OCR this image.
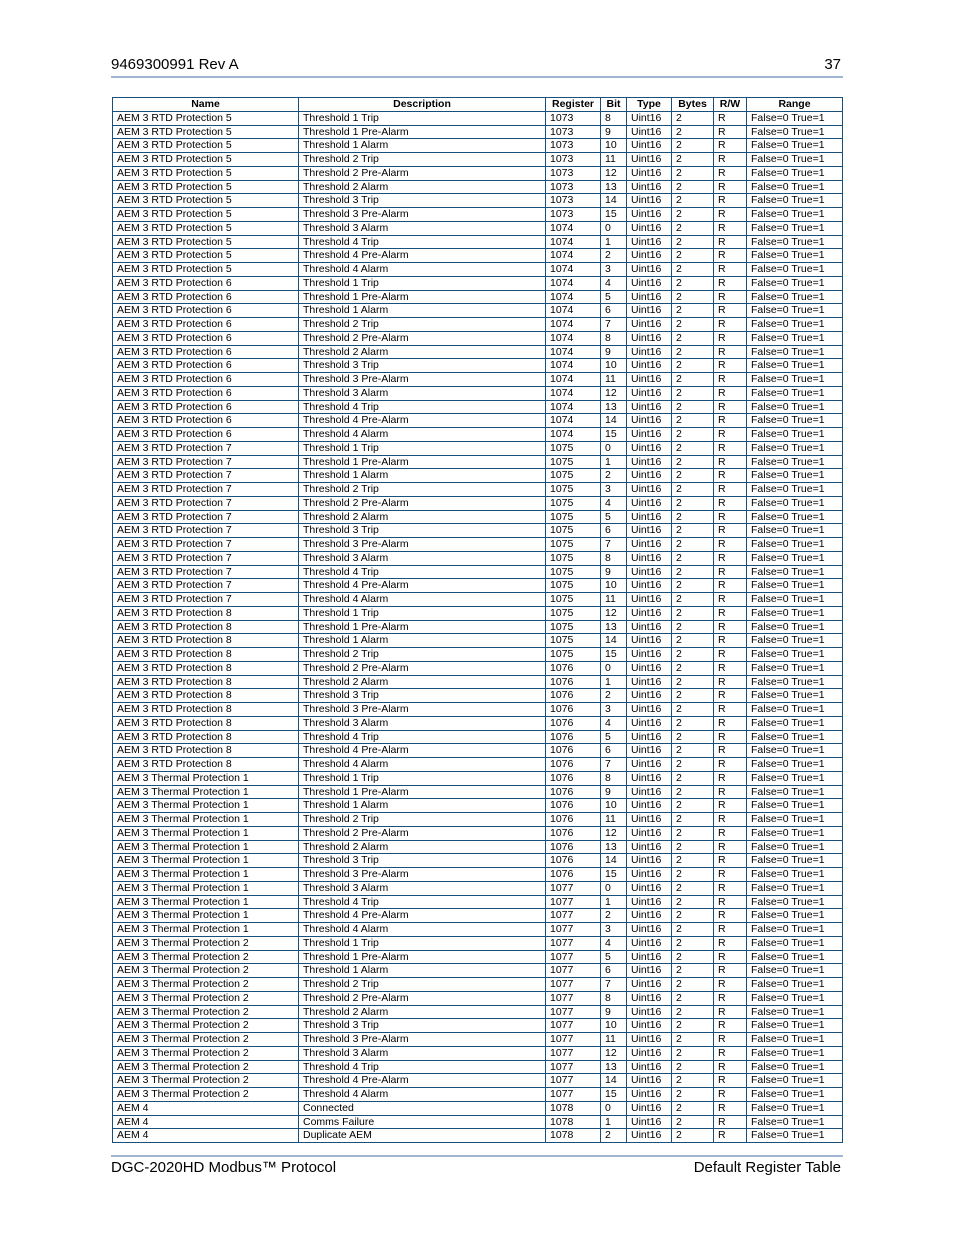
9469300991 Rev A	37
Name	Description	Register	Bit	Type	Bytes	R/W	Range
AEM 3 RTD Protection 5	Threshold 1 Trip	1073	8	Uint16	2	R	False=0 True=1
AEM 3 RTD Protection 5	Threshold 1 Pre-Alarm	1073	9	Uint16	2	R	False=0 True=1
AEM 3 RTD Protection 5	Threshold 1 Alarm	1073	10	Uint16	2	R	False=0 True=1
AEM 3 RTD Protection 5	Threshold 2 Trip	1073	11	Uint16	2	R	False=0 True=1
AEM 3 RTD Protection 5	Threshold 2 Pre-Alarm	1073	12	Uint16	2	R	False=0 True=1
AEM 3 RTD Protection 5	Threshold 2 Alarm	1073	13	Uint16	2	R	False=0 True=1
AEM 3 RTD Protection 5	Threshold 3 Trip	1073	14	Uint16	2	R	False=0 True=1
AEM 3 RTD Protection 5	Threshold 3 Pre-Alarm	1073	15	Uint16	2	R	False=0 True=1
AEM 3 RTD Protection 5	Threshold 3 Alarm	1074	0	Uint16	2	R	False=0 True=1
AEM 3 RTD Protection 5	Threshold 4 Trip	1074	1	Uint16	2	R	False=0 True=1
AEM 3 RTD Protection 5	Threshold 4 Pre-Alarm	1074	2	Uint16	2	R	False=0 True=1
AEM 3 RTD Protection 5	Threshold 4 Alarm	1074	3	Uint16	2	R	False=0 True=1
AEM 3 RTD Protection 6	Threshold 1 Trip	1074	4	Uint16	2	R	False=0 True=1
AEM 3 RTD Protection 6	Threshold 1 Pre-Alarm	1074	5	Uint16	2	R	False=0 True=1
AEM 3 RTD Protection 6	Threshold 1 Alarm	1074	6	Uint16	2	R	False=0 True=1
AEM 3 RTD Protection 6	Threshold 2 Trip	1074	7	Uint16	2	R	False=0 True=1
AEM 3 RTD Protection 6	Threshold 2 Pre-Alarm	1074	8	Uint16	2	R	False=0 True=1
AEM 3 RTD Protection 6	Threshold 2 Alarm	1074	9	Uint16	2	R	False=0 True=1
AEM 3 RTD Protection 6	Threshold 3 Trip	1074	10	Uint16	2	R	False=0 True=1
AEM 3 RTD Protection 6	Threshold 3 Pre-Alarm	1074	11	Uint16	2	R	False=0 True=1
AEM 3 RTD Protection 6	Threshold 3 Alarm	1074	12	Uint16	2	R	False=0 True=1
AEM 3 RTD Protection 6	Threshold 4 Trip	1074	13	Uint16	2	R	False=0 True=1
AEM 3 RTD Protection 6	Threshold 4 Pre-Alarm	1074	14	Uint16	2	R	False=0 True=1
AEM 3 RTD Protection 6	Threshold 4 Alarm	1074	15	Uint16	2	R	False=0 True=1
AEM 3 RTD Protection 7	Threshold 1 Trip	1075	0	Uint16	2	R	False=0 True=1
AEM 3 RTD Protection 7	Threshold 1 Pre-Alarm	1075	1	Uint16	2	R	False=0 True=1
AEM 3 RTD Protection 7	Threshold 1 Alarm	1075	2	Uint16	2	R	False=0 True=1
AEM 3 RTD Protection 7	Threshold 2 Trip	1075	3	Uint16	2	R	False=0 True=1
AEM 3 RTD Protection 7	Threshold 2 Pre-Alarm	1075	4	Uint16	2	R	False=0 True=1
AEM 3 RTD Protection 7	Threshold 2 Alarm	1075	5	Uint16	2	R	False=0 True=1
AEM 3 RTD Protection 7	Threshold 3 Trip	1075	6	Uint16	2	R	False=0 True=1
AEM 3 RTD Protection 7	Threshold 3 Pre-Alarm	1075	7	Uint16	2	R	False=0 True=1
AEM 3 RTD Protection 7	Threshold 3 Alarm	1075	8	Uint16	2	R	False=0 True=1
AEM 3 RTD Protection 7	Threshold 4 Trip	1075	9	Uint16	2	R	False=0 True=1
AEM 3 RTD Protection 7	Threshold 4 Pre-Alarm	1075	10	Uint16	2	R	False=0 True=1
AEM 3 RTD Protection 7	Threshold 4 Alarm	1075	11	Uint16	2	R	False=0 True=1
AEM 3 RTD Protection 8	Threshold 1 Trip	1075	12	Uint16	2	R	False=0 True=1
AEM 3 RTD Protection 8	Threshold 1 Pre-Alarm	1075	13	Uint16	2	R	False=0 True=1
AEM 3 RTD Protection 8	Threshold 1 Alarm	1075	14	Uint16	2	R	False=0 True=1
AEM 3 RTD Protection 8	Threshold 2 Trip	1075	15	Uint16	2	R	False=0 True=1
AEM 3 RTD Protection 8	Threshold 2 Pre-Alarm	1076	0	Uint16	2	R	False=0 True=1
AEM 3 RTD Protection 8	Threshold 2 Alarm	1076	1	Uint16	2	R	False=0 True=1
AEM 3 RTD Protection 8	Threshold 3 Trip	1076	2	Uint16	2	R	False=0 True=1
AEM 3 RTD Protection 8	Threshold 3 Pre-Alarm	1076	3	Uint16	2	R	False=0 True=1
AEM 3 RTD Protection 8	Threshold 3 Alarm	1076	4	Uint16	2	R	False=0 True=1
AEM 3 RTD Protection 8	Threshold 4 Trip	1076	5	Uint16	2	R	False=0 True=1
AEM 3 RTD Protection 8	Threshold 4 Pre-Alarm	1076	6	Uint16	2	R	False=0 True=1
AEM 3 RTD Protection 8	Threshold 4 Alarm	1076	7	Uint16	2	R	False=0 True=1
AEM 3 Thermal Protection 1	Threshold 1 Trip	1076	8	Uint16	2	R	False=0 True=1
AEM 3 Thermal Protection 1	Threshold 1 Pre-Alarm	1076	9	Uint16	2	R	False=0 True=1
AEM 3 Thermal Protection 1	Threshold 1 Alarm	1076	10	Uint16	2	R	False=0 True=1
AEM 3 Thermal Protection 1	Threshold 2 Trip	1076	11	Uint16	2	R	False=0 True=1
AEM 3 Thermal Protection 1	Threshold 2 Pre-Alarm	1076	12	Uint16	2	R	False=0 True=1
AEM 3 Thermal Protection 1	Threshold 2 Alarm	1076	13	Uint16	2	R	False=0 True=1
AEM 3 Thermal Protection 1	Threshold 3 Trip	1076	14	Uint16	2	R	False=0 True=1
AEM 3 Thermal Protection 1	Threshold 3 Pre-Alarm	1076	15	Uint16	2	R	False=0 True=1
AEM 3 Thermal Protection 1	Threshold 3 Alarm	1077	0	Uint16	2	R	False=0 True=1
AEM 3 Thermal Protection 1	Threshold 4 Trip	1077	1	Uint16	2	R	False=0 True=1
AEM 3 Thermal Protection 1	Threshold 4 Pre-Alarm	1077	2	Uint16	2	R	False=0 True=1
AEM 3 Thermal Protection 1	Threshold 4 Alarm	1077	3	Uint16	2	R	False=0 True=1
AEM 3 Thermal Protection 2	Threshold 1 Trip	1077	4	Uint16	2	R	False=0 True=1
AEM 3 Thermal Protection 2	Threshold 1 Pre-Alarm	1077	5	Uint16	2	R	False=0 True=1
AEM 3 Thermal Protection 2	Threshold 1 Alarm	1077	6	Uint16	2	R	False=0 True=1
AEM 3 Thermal Protection 2	Threshold 2 Trip	1077	7	Uint16	2	R	False=0 True=1
AEM 3 Thermal Protection 2	Threshold 2 Pre-Alarm	1077	8	Uint16	2	R	False=0 True=1
AEM 3 Thermal Protection 2	Threshold 2 Alarm	1077	9	Uint16	2	R	False=0 True=1
AEM 3 Thermal Protection 2	Threshold 3 Trip	1077	10	Uint16	2	R	False=0 True=1
AEM 3 Thermal Protection 2	Threshold 3 Pre-Alarm	1077	11	Uint16	2	R	False=0 True=1
AEM 3 Thermal Protection 2	Threshold 3 Alarm	1077	12	Uint16	2	R	False=0 True=1
AEM 3 Thermal Protection 2	Threshold 4 Trip	1077	13	Uint16	2	R	False=0 True=1
AEM 3 Thermal Protection 2	Threshold 4 Pre-Alarm	1077	14	Uint16	2	R	False=0 True=1
AEM 3 Thermal Protection 2	Threshold 4 Alarm	1077	15	Uint16	2	R	False=0 True=1
AEM 4	Connected	1078	0	Uint16	2	R	False=0 True=1
AEM 4	Comms Failure	1078	1	Uint16	2	R	False=0 True=1
AEM 4	Duplicate AEM	1078	2	Uint16	2	R	False=0 True=1
DGC-2020HD Modbus™ Protocol	Default Register Table
